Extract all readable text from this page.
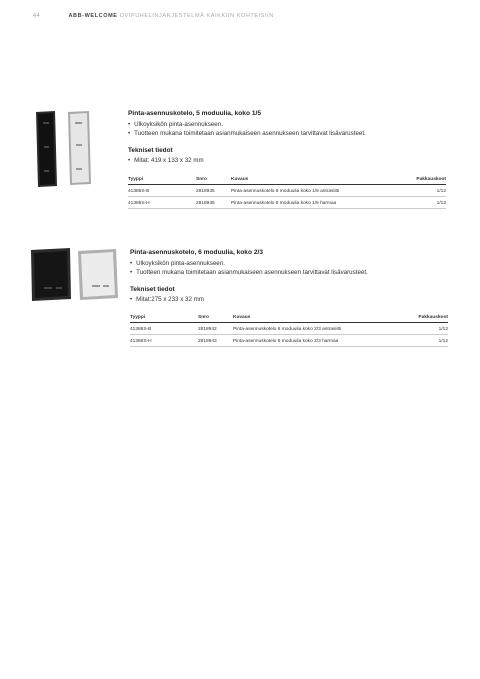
44	ABB-WELCOME OVIPUHELINJÄRJESTELMÄ KAIKKIIN KOHTEISIIN
Pinta-asennuskotelo, 5 moduulia, koko 1/5
• Ulkoyksikön pinta-asennukseen.
• Tuotteen mukana toimitetaan asianmukaiseen asennukseen tarvittavat lisävarusteet.
Tekniset tiedot
• Mitat: 419 x 133 x 32 mm
Tyyppi	Snro	Kuvaus	Pakkauskoot
41385S-B	2818935	Pinta-asennuskotelo 5 moduulia koko 1/5 antrasiitti	1/12
41385S-H	2818935	Pinta-asennuskotelo 5 moduulia koko 1/5 harmaa	1/12
Pinta-asennuskotelo, 6 moduulia, koko 2/3
• Ulkoyksikön pinta-asennukseen.
• Tuotteen mukana toimitetaan asianmukaiseen asennukseen tarvittavat lisävarusteet.
Tekniset tiedot
• Mitat:275 x 233 x 32 mm
Tyyppi	Snro	Kuvaus	Pakkauskoot
41386S-B	2818942	Pinta-asennuskotelo 6 moduulia koko 2/3 antrasiitti	1/12
41386S-H	2818943	Pinta-asennuskotelo 6 moduulia koko 2/3 harmaa	1/12
